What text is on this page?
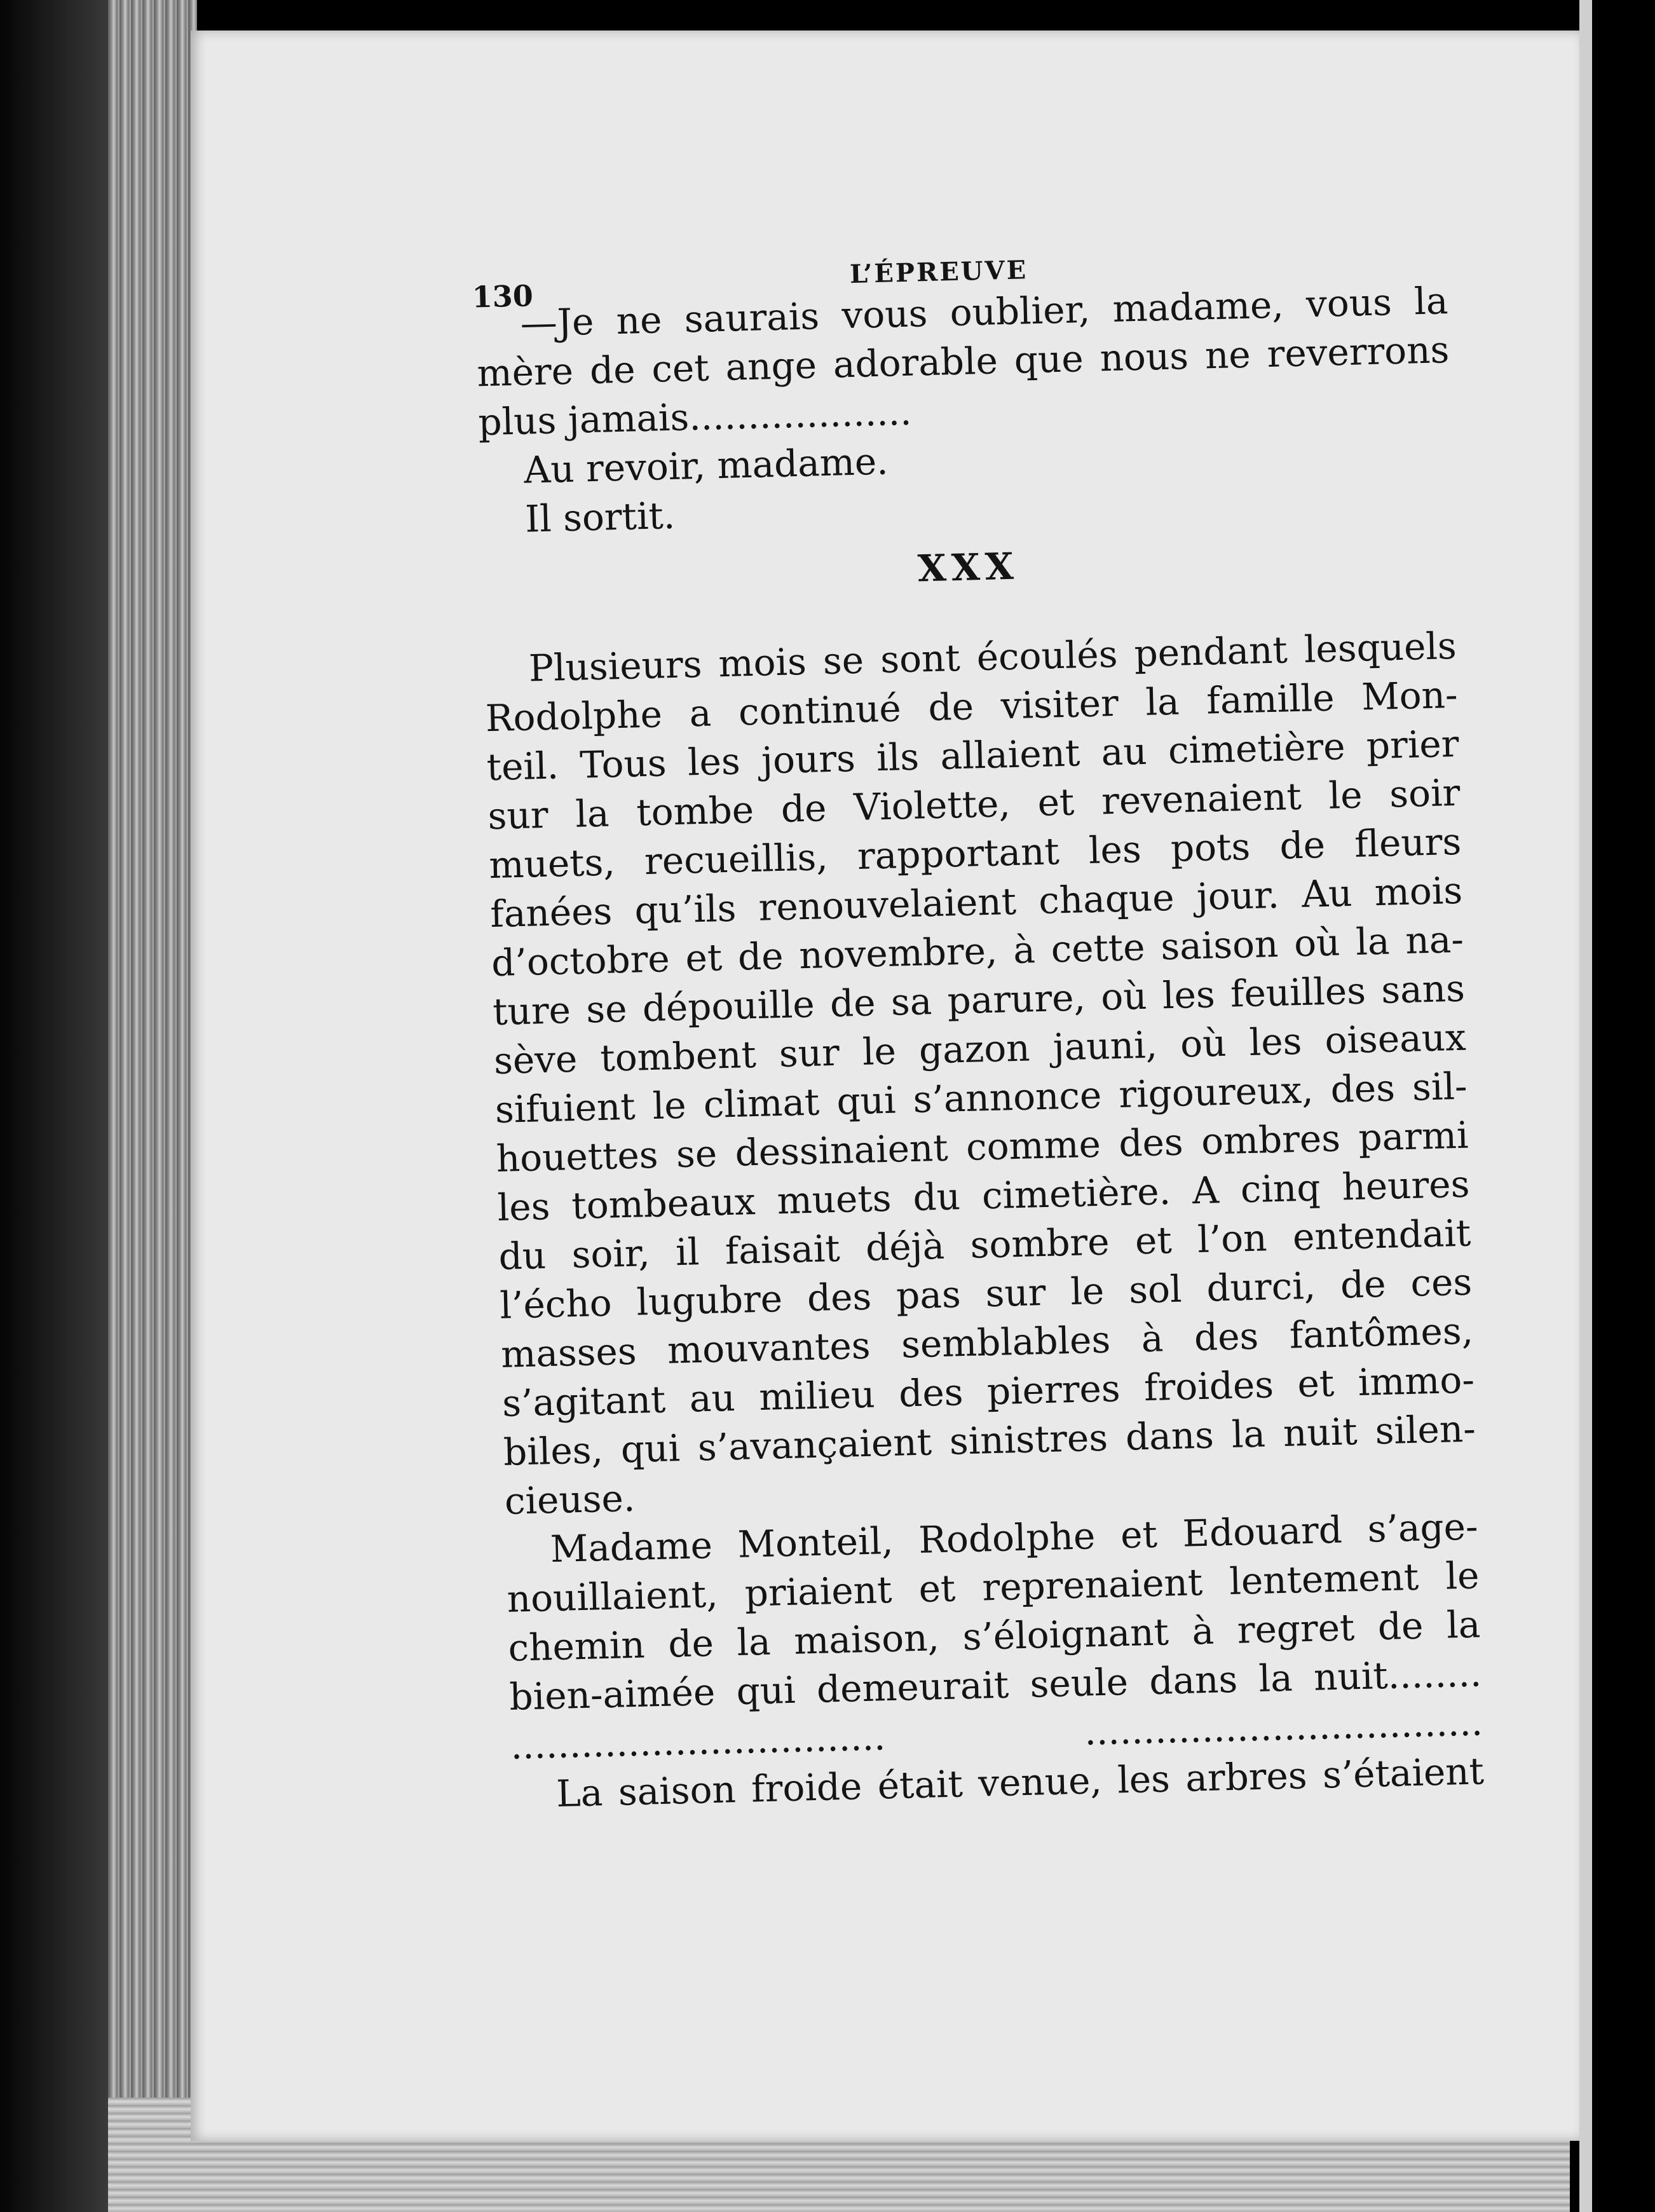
130
L’ÉPREUVE

—Je ne saurais vous oublier, madame, vous la
mère de cet ange adorable que nous ne reverrons
plus jamais...................

Au revoir, madame.

Il sortit.

XXX

Plusieurs mois se sont écoulés pendant lesquels
Rodolphe a continué de visiter la famille Mon-
teil. Tous les jours ils allaient au cimetière prier
sur la tombe de Violette, et revenaient le soir
muets, recueillis, rapportant les pots de fleurs
fanées qu’ils renouvelaient chaque jour. Au mois
d’octobre et de novembre, à cette saison où la na-
ture se dépouille de sa parure, où les feuilles sans
sève tombent sur le gazon jauni, où les oiseaux
sifuient le climat qui s’annonce rigoureux, des sil-
houettes se dessinaient comme des ombres parmi
les tombeaux muets du cimetière. A cinq heures
du soir, il faisait déjà sombre et l’on entendait
l’écho lugubre des pas sur le sol durci, de ces
masses mouvantes semblables à des fantômes,
s’agitant au milieu des pierres froides et immo-
biles, qui s’avançaient sinistres dans la nuit silen-
cieuse.

Madame Monteil, Rodolphe et Edouard s’age-
nouillaient, priaient et reprenaient lentement le
chemin de la maison, s’éloignant à regret de la
bien-aimée qui demeurait seule dans la nuit........

................................ ..................................

La saison froide était venue, les arbres s’étaient
